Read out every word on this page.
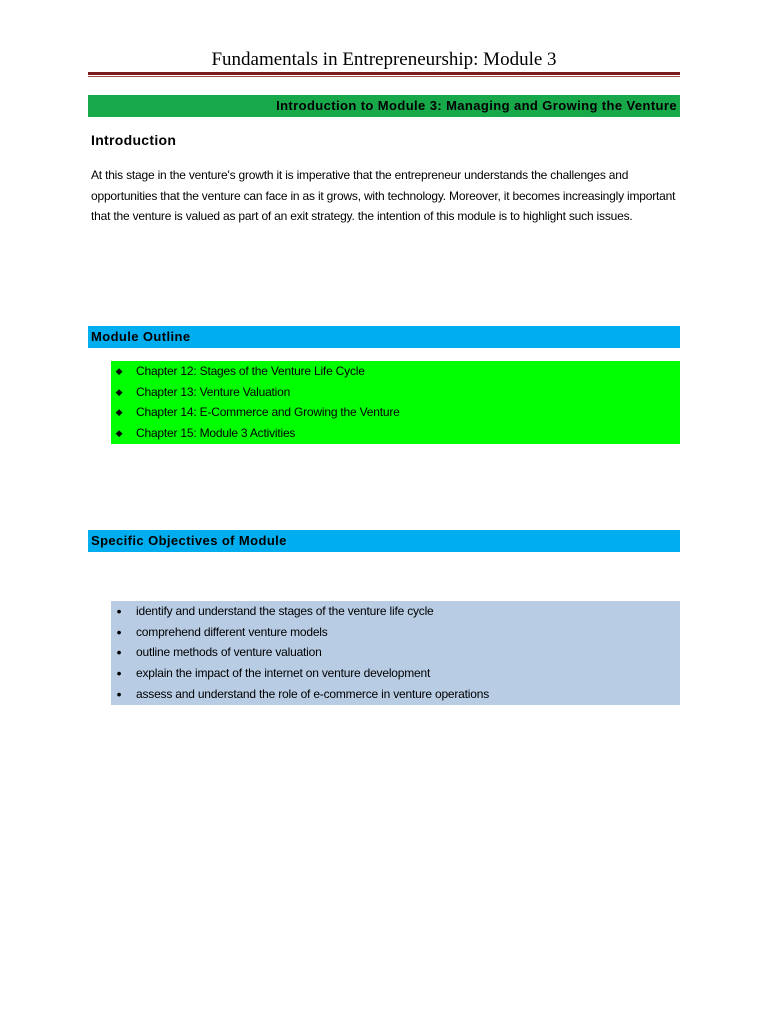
Fundamentals in Entrepreneurship: Module 3
Introduction to Module 3: Managing and Growing the Venture
Introduction

At this stage in the venture's growth it is imperative that the entrepreneur understands the challenges and opportunities that the venture can face in as it grows, with technology. Moreover, it becomes increasingly important that the venture is valued as part of an exit strategy. the intention of this module is to highlight such issues.

Module Outline
◆ Chapter 12: Stages of the Venture Life Cycle
◆ Chapter 13: Venture Valuation
◆ Chapter 14: E-Commerce and Growing the Venture
◆ Chapter 15: Module 3 Activities
Specific Objectives of Module
•	identify and understand the stages of the venture life cycle
•	comprehend different venture models
•	outline methods of venture valuation
•	explain the impact of the internet on venture development
•	assess and understand the role of e-commerce in venture operations
